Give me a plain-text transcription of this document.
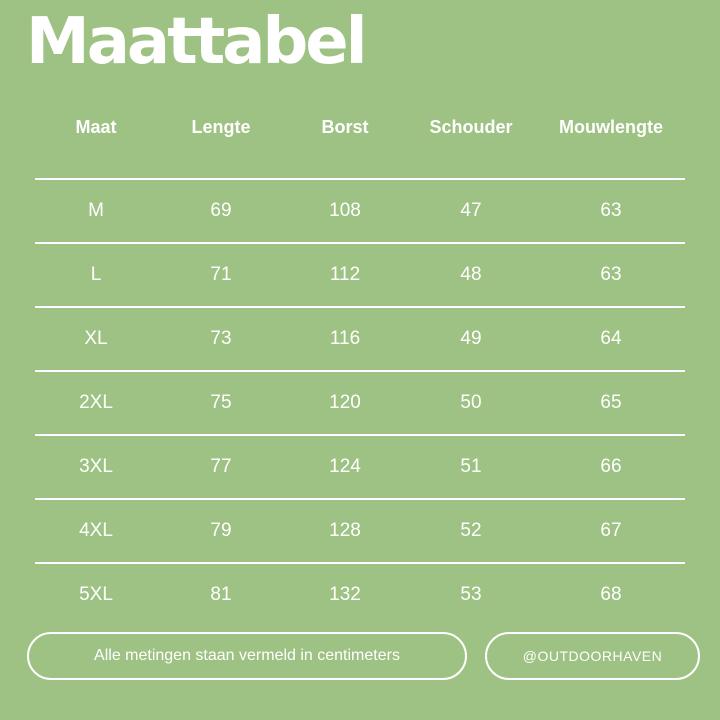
Maattabel
Maat	Lengte	Borst	Schouder	Mouwlengte
M	69	108	47	63
L	71	112	48	63
XL	73	116	49	64
2XL	75	120	50	65
3XL	77	124	51	66
4XL	79	128	52	67
5XL	81	132	53	68
Alle metingen staan vermeld in centimeters	@OUTDOORHAVEN
